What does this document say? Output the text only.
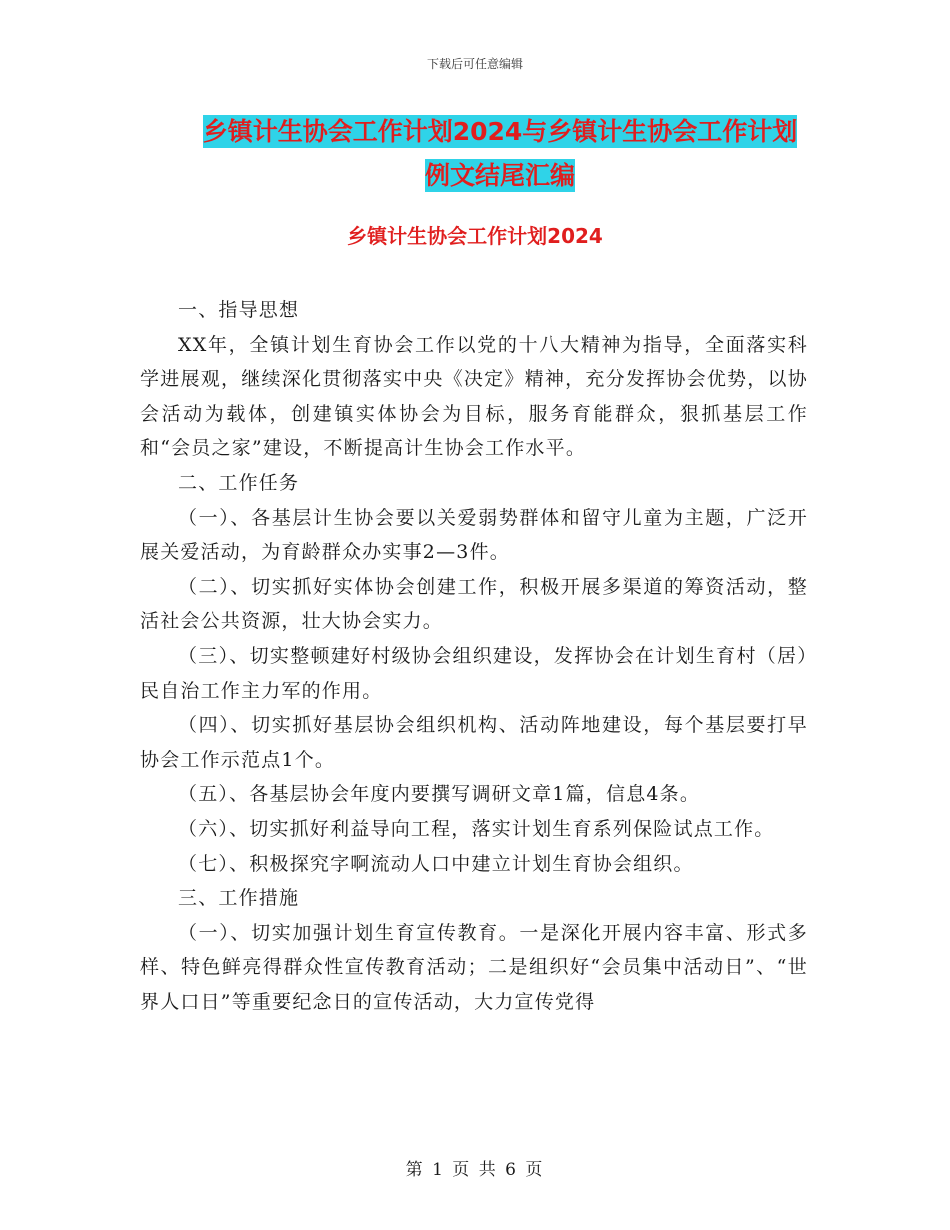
下载后可任意编辑
乡镇计生协会工作计划2024与乡镇计生协会工作计划
例文结尾汇编
乡镇计生协会工作计划2024

一、指导思想

XX年，全镇计划生育协会工作以党的十八大精神为指导，全面落实科学进展观，继续深化贯彻落实中央《决定》精神，充分发挥协会优势，以协会活动为载体，创建镇实体协会为目标，服务育能群众，狠抓基层工作和“会员之家”建设，不断提高计生协会工作水平。

二、工作任务

（一）、各基层计生协会要以关爱弱势群体和留守儿童为主题，广泛开展关爱活动，为育龄群众办实事2—3件。

（二）、切实抓好实体协会创建工作，积极开展多渠道的筹资活动，整活社会公共资源，壮大协会实力。

（三）、切实整顿建好村级协会组织建设，发挥协会在计划生育村（居）民自治工作主力军的作用。

（四）、切实抓好基层协会组织机构、活动阵地建设，每个基层要打早协会工作示范点1个。

（五）、各基层协会年度内要撰写调研文章1篇，信息4条。

（六）、切实抓好利益导向工程，落实计划生育系列保险试点工作。

（七）、积极探究字啊流动人口中建立计划生育协会组织。

三、工作措施

（一）、切实加强计划生育宣传教育。一是深化开展内容丰富、形式多样、特色鲜亮得群众性宣传教育活动；二是组织好“会员集中活动日”、“世界人口日”等重要纪念日的宣传活动，大力宣传党得

第 1 页 共 6 页
